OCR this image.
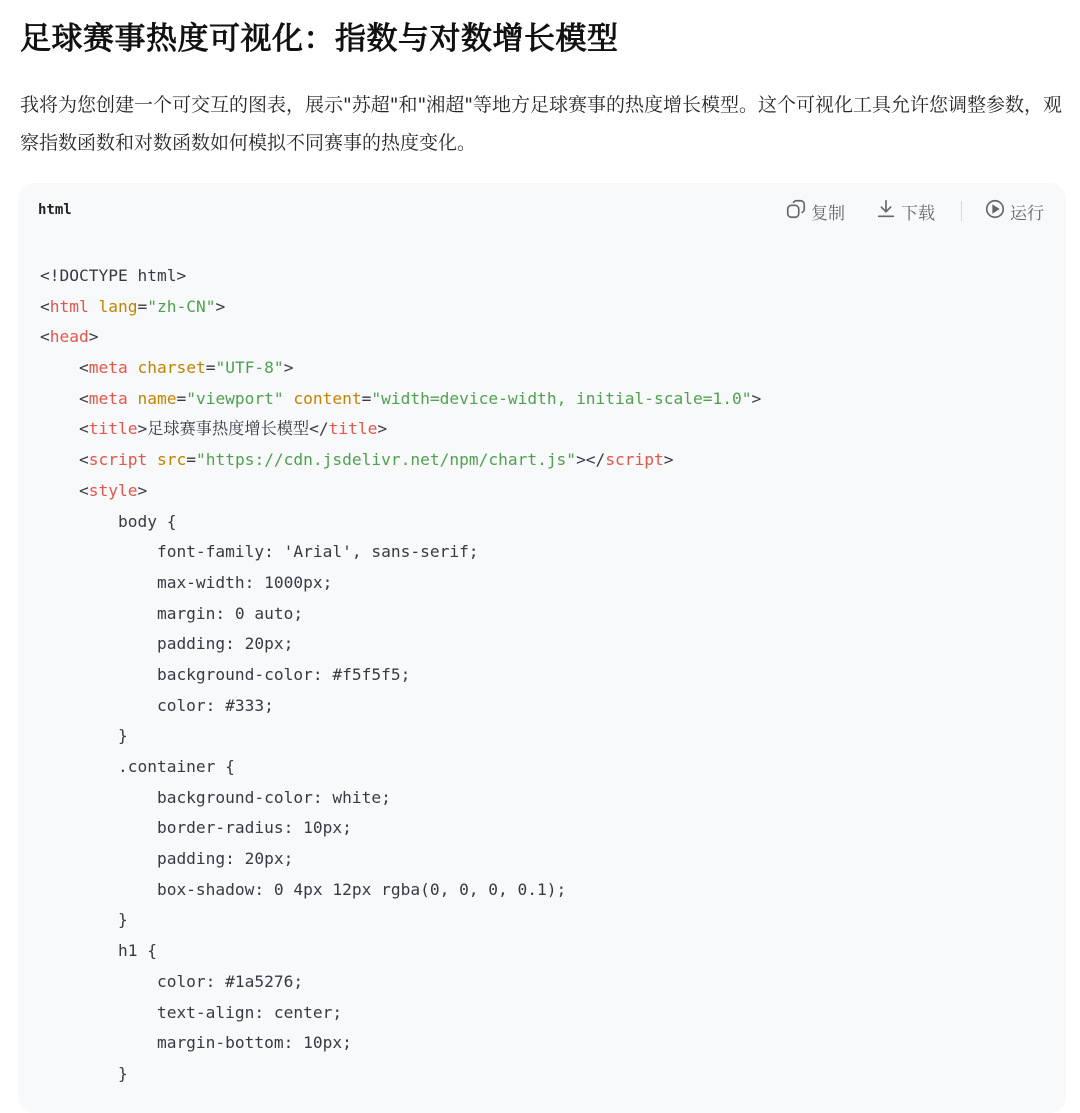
足球赛事热度可视化：指数与对数增长模型

我将为您创建一个可交互的图表，展示"苏超"和"湘超"等地方足球赛事的热度增长模型。这个可视化工具允许您调整参数，观察指数函数和对数函数如何模拟不同赛事的热度变化。

html	复制	下载	运行
<!DOCTYPE html>
<html lang="zh-CN">
<head>
<meta charset="UTF-8">
<meta name="viewport" content="width=device-width, initial-scale=1.0">
<title>足球赛事热度增长模型</title>
<script src="https://cdn.jsdelivr.net/npm/chart.js"></script>
<style>
body {
font-family: 'Arial', sans-serif;
max-width: 1000px;
margin: 0 auto;
padding: 20px;
background-color: #f5f5f5;
color: #333;
}
.container {
background-color: white;
border-radius: 10px;
padding: 20px;
box-shadow: 0 4px 12px rgba(0, 0, 0, 0.1);
}
h1 {
color: #1a5276;
text-align: center;
margin-bottom: 10px;
}
